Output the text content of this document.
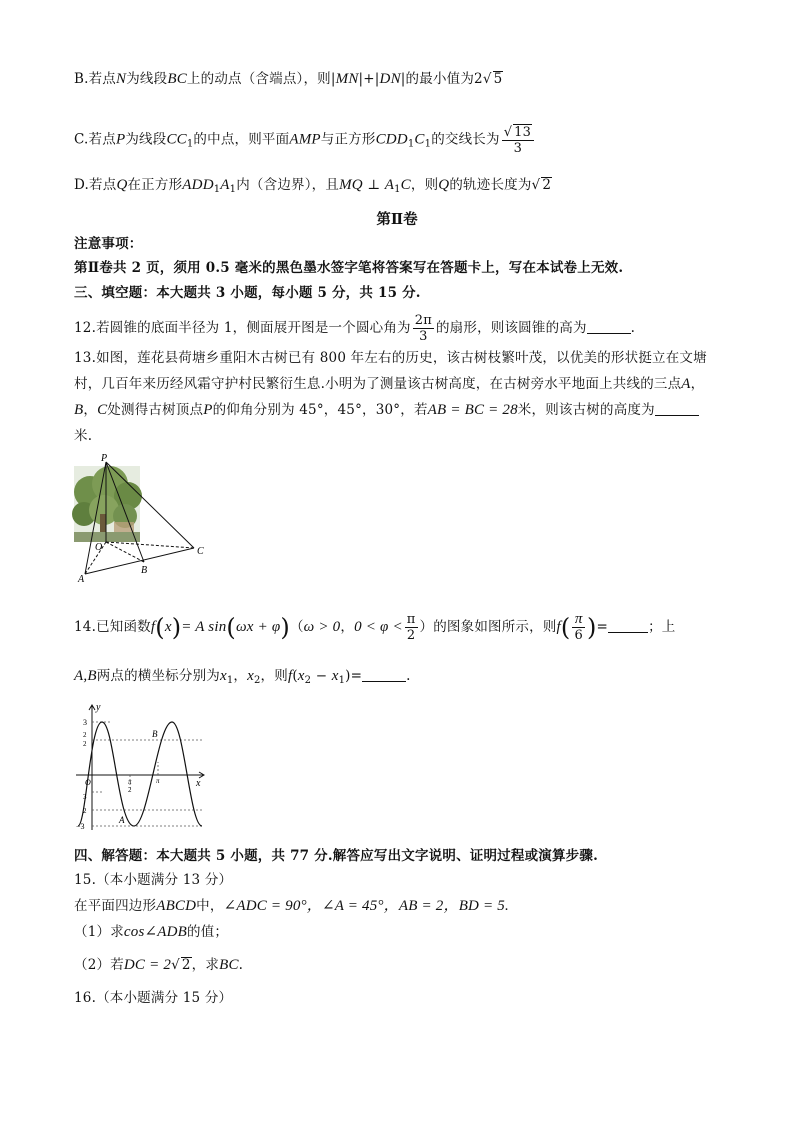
B.若点N为线段BC上的动点（含端点），则|MN|+|DN|的最小值为2√ 5
C.若点P为线段$CC_1$的中点，则平面AMP与正方形$CDD_1C_1$的交线长为 $\frac{√ 13}{3}$
D.若点Q在正方形$ADD_1A_1$内（含边界），且MQ ⊥ $A_1C$，则Q的轨迹长度为√ 2
第Ⅱ卷
注意事项：
第Ⅱ卷共 2 页，须用 0.5 毫米的黑色墨水签字笔将答案写在答题卡上，写在本试卷上无效.
三、填空题：本大题共 3 小题，每小题 5 分，共 15 分.
12.若圆锥的底面半径为 1，侧面展开图是一个圆心角为 $\frac{2\pi}{3}$ 的扇形，则该圆锥的高为	.
13.如图，莲花县荷塘乡重阳木古树已有 800 年左右的历史，该古树枝繁叶茂，以优美的形状挺立在文塘
村，几百年来历经风霜守护村民繁衍生息.小明为了测量该古树高度，在古树旁水平地面上共线的三点A，
B，C处测得古树顶点P的仰角分别为 45°，45°，30°，若AB = BC = 28米，则该古树的高度为
米.
P
O
A
B
C
14.已知函数f(x)= A sin(ωx + φ)（ω > 0，$0 < \varphi < \frac{\pi}{2}$ ）的图象如图所示，则$f( \frac{\pi}{6}$ )=	；上
A,B两点的横坐标分别为$x_1$，$x_2$，则$f(x_2 - x_1)=$	.
y
x
O
3
2
2
π
2
π
3
2
−3
A
B
四、解答题：本大题共 5 小题，共 77 分.解答应写出文字说明、证明过程或演算步骤.
15.（本小题满分 13 分）
在平面四边形ABCD中，∠ADC = 90°，∠A = 45°，AB = 2，BD = 5.
（1）求cos∠ADB的值；
（2）若DC = 2√ 2，求BC.
16.（本小题满分 15 分）
